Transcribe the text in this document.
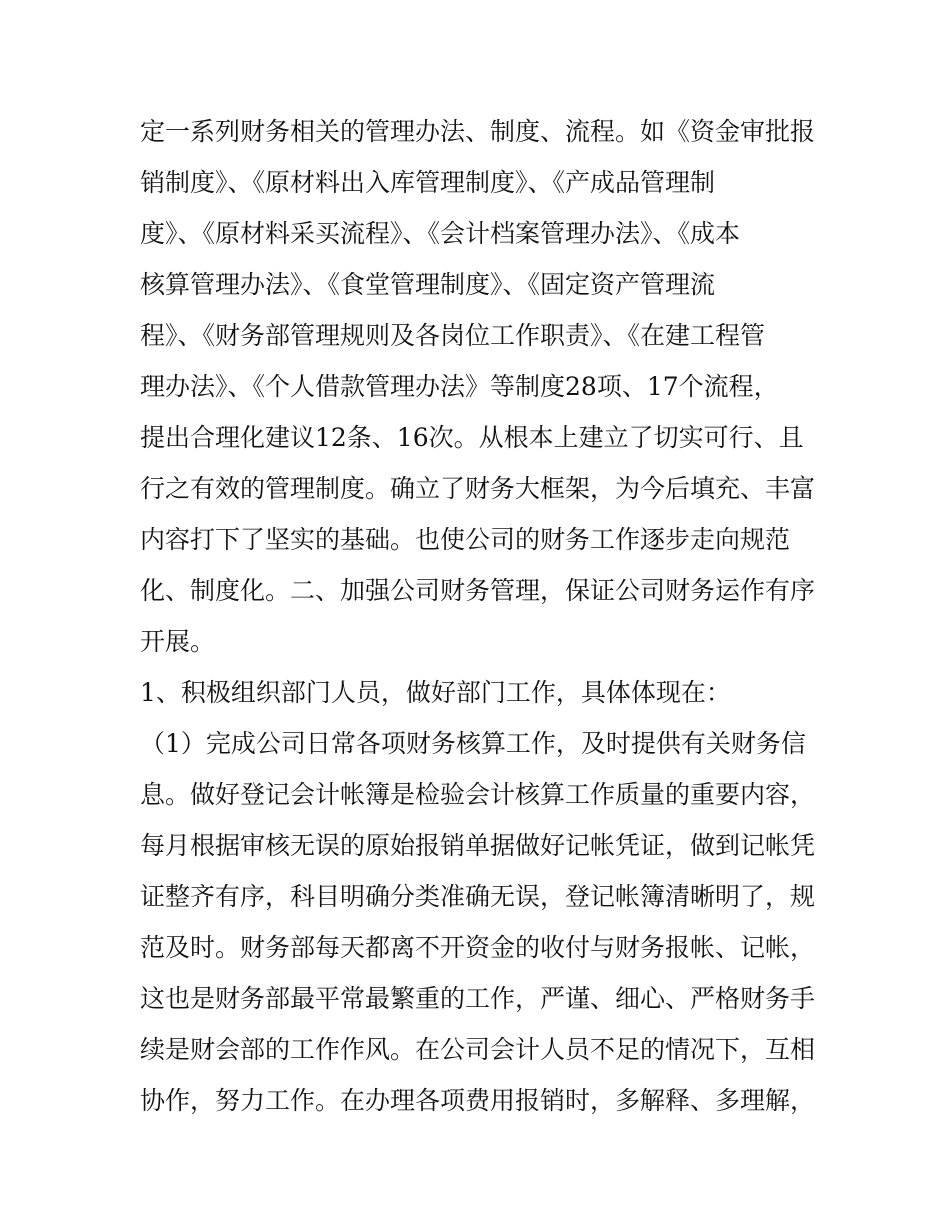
定一系列财务相关的管理办法、制度、流程。如《资金审批报
销制度》、《原材料出入库管理制度》、《产成品管理制
度》、《原材料采买流程》、《会计档案管理办法》、《成本
核算管理办法》、《食堂管理制度》、《固定资产管理流
程》、《财务部管理规则及各岗位工作职责》、《在建工程管
理办法》、《个人借款管理办法》等制度28项、17个流程，
提出合理化建议12条、16次。从根本上建立了切实可行、且
行之有效的管理制度。确立了财务大框架，为今后填充、丰富
内容打下了坚实的基础。也使公司的财务工作逐步走向规范
化、制度化。二、加强公司财务管理，保证公司财务运作有序
开展。
1、积极组织部门人员，做好部门工作，具体体现在：
（1）完成公司日常各项财务核算工作，及时提供有关财务信
息。做好登记会计帐簿是检验会计核算工作质量的重要内容，
每月根据审核无误的原始报销单据做好记帐凭证，做到记帐凭
证整齐有序，科目明确分类准确无误，登记帐簿清晰明了，规
范及时。财务部每天都离不开资金的收付与财务报帐、记帐，
这也是财务部最平常最繁重的工作，严谨、细心、严格财务手
续是财会部的工作作风。在公司会计人员不足的情况下，互相
协作，努力工作。在办理各项费用报销时，多解释、多理解，
